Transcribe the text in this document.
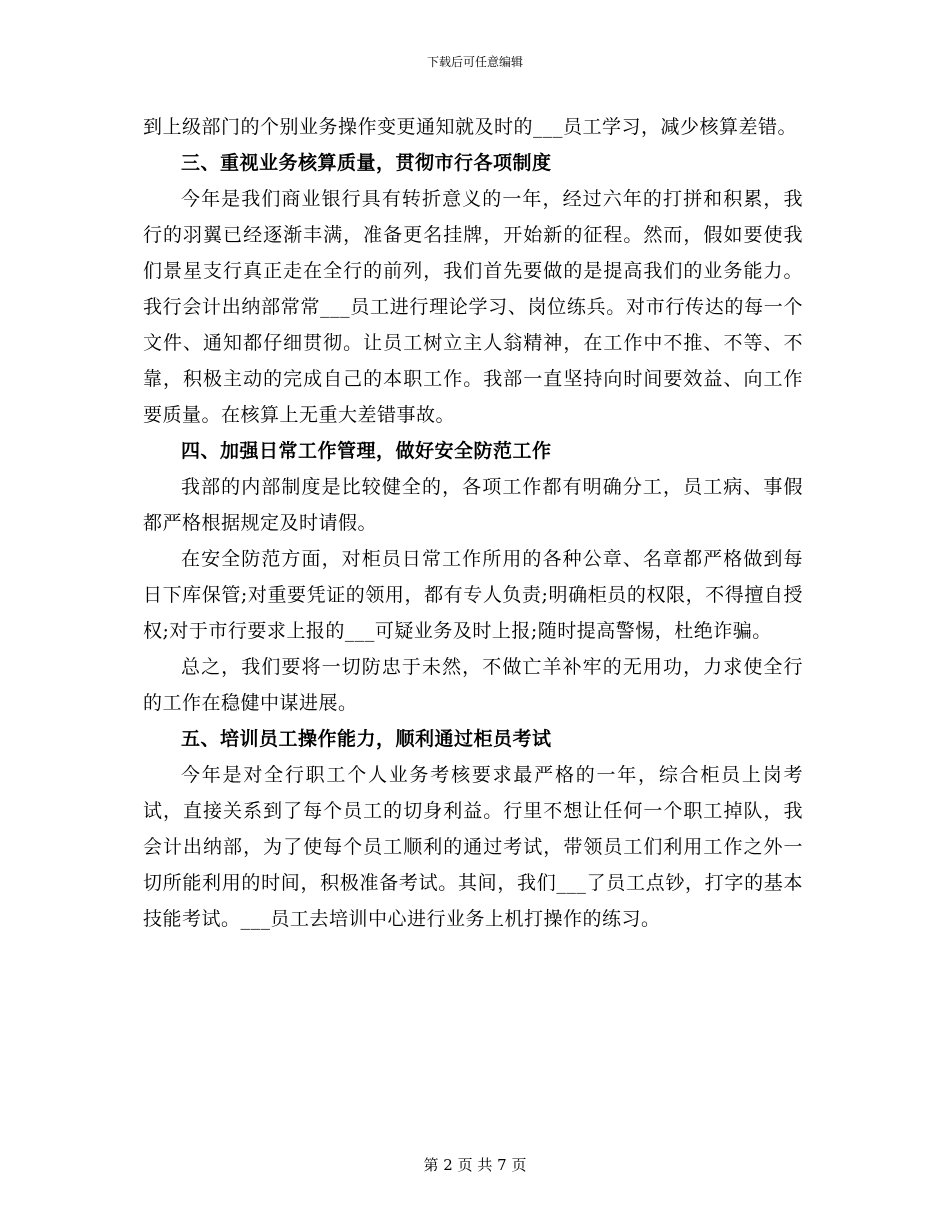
下载后可任意编辑

到上级部门的个别业务操作变更通知就及时的___员工学习，减少核算差错。

三、重视业务核算质量，贯彻市行各项制度

今年是我们商业银行具有转折意义的一年，经过六年的打拼和积累，我行的羽翼已经逐渐丰满，准备更名挂牌，开始新的征程。然而，假如要使我们景星支行真正走在全行的前列，我们首先要做的是提高我们的业务能力。我行会计出纳部常常___员工进行理论学习、岗位练兵。对市行传达的每一个文件、通知都仔细贯彻。让员工树立主人翁精神，在工作中不推、不等、不靠，积极主动的完成自己的本职工作。我部一直坚持向时间要效益、向工作要质量。在核算上无重大差错事故。

四、加强日常工作管理，做好安全防范工作

我部的内部制度是比较健全的，各项工作都有明确分工，员工病、事假都严格根据规定及时请假。

在安全防范方面，对柜员日常工作所用的各种公章、名章都严格做到每日下库保管;对重要凭证的领用，都有专人负责;明确柜员的权限，不得擅自授权;对于市行要求上报的___可疑业务及时上报;随时提高警惕，杜绝诈骗。

总之，我们要将一切防忠于未然，不做亡羊补牢的无用功，力求使全行的工作在稳健中谋进展。

五、培训员工操作能力，顺利通过柜员考试

今年是对全行职工个人业务考核要求最严格的一年，综合柜员上岗考试，直接关系到了每个员工的切身利益。行里不想让任何一个职工掉队，我会计出纳部，为了使每个员工顺利的通过考试，带领员工们利用工作之外一切所能利用的时间，积极准备考试。其间，我们___了员工点钞，打字的基本技能考试。___员工去培训中心进行业务上机打操作的练习。

第 2 页 共 7 页
